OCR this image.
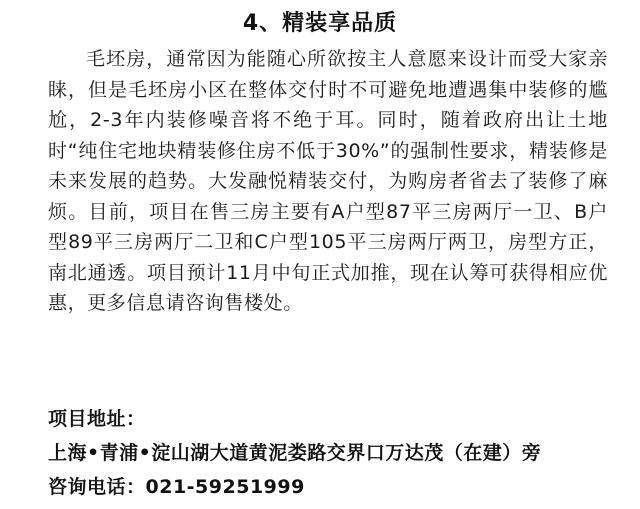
4、精装享品质

毛坯房，通常因为能随心所欲按主人意愿来设计而受大家亲睐，但是毛坯房小区在整体交付时不可避免地遭遇集中装修的尴尬，2-3年内装修噪音将不绝于耳。同时，随着政府出让土地时“纯住宅地块精装修住房不低于30%”的强制性要求，精装修是未来发展的趋势。大发融悦精装交付，为购房者省去了装修了麻烦。目前，项目在售三房主要有A户型87平三房两厅一卫、B户型89平三房两厅二卫和C户型105平三房两厅两卫，房型方正，南北通透。项目预计11月中旬正式加推，现在认筹可获得相应优惠，更多信息请咨询售楼处。

项目地址：
上海•青浦•淀山湖大道黄泥娄路交界口万达茂（在建）旁
咨询电话：021-59251999
